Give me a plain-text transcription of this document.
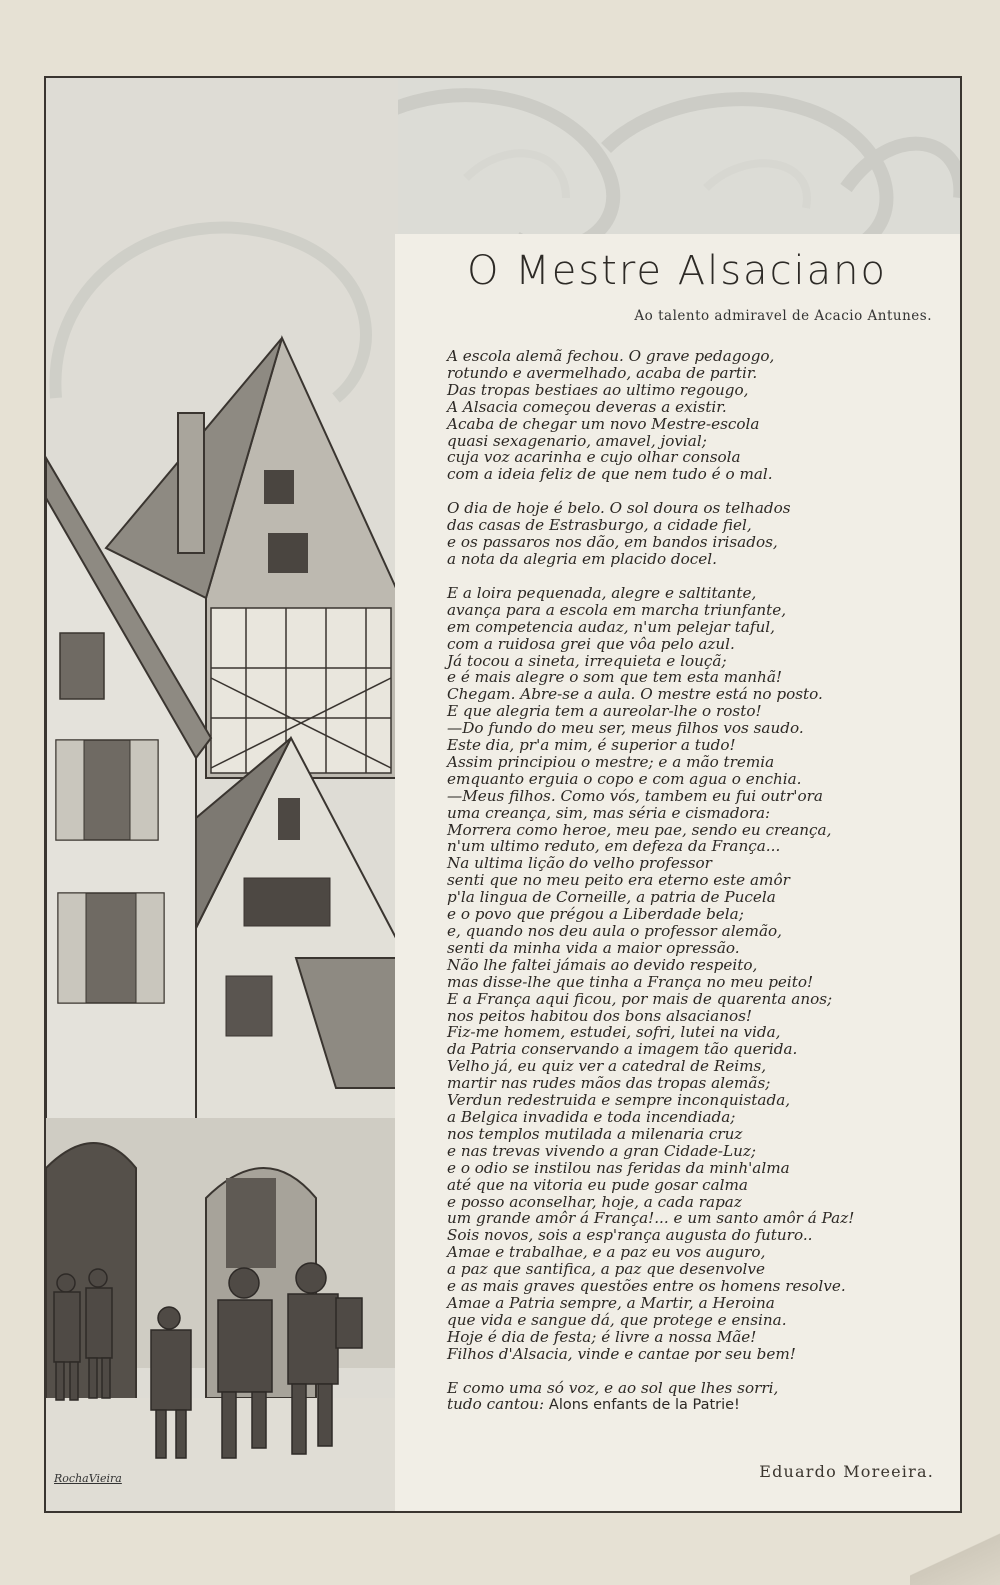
RochaVieira
O Mestre Alsaciano
Ao talento admiravel de Acacio Antunes.
A escola alemã fechou. O grave pedagogo,
rotundo e avermelhado, acaba de partir.
Das tropas bestiaes ao ultimo regougo,
A Alsacia começou deveras a existir.
Acaba de chegar um novo Mestre-escola
quasi sexagenario, amavel, jovial;
cuja voz acarinha e cujo olhar consola
com a ideia feliz de que nem tudo é o mal.
O dia de hoje é belo. O sol doura os telhados
das casas de Estrasburgo, a cidade fiel,
e os passaros nos dão, em bandos irisados,
a nota da alegria em placido docel.
E a loira pequenada, alegre e saltitante,
avança para a escola em marcha triunfante,
em competencia audaz, n'um pelejar taful,
com a ruidosa grei que vôa pelo azul.
Já tocou a sineta, irrequieta e louçã;
e é mais alegre o som que tem esta manhã!
Chegam. Abre-se a aula. O mestre está no posto.
E que alegria tem a aureolar-lhe o rosto!
—Do fundo do meu ser, meus filhos vos saudo.
Este dia, pr'a mim, é superior a tudo!
Assim principiou o mestre; e a mão tremia
emquanto erguia o copo e com agua o enchia.
—Meus filhos. Como vós, tambem eu fui outr'ora
uma creança, sim, mas séria e cismadora:
Morrera como heroe, meu pae, sendo eu creança,
n'um ultimo reduto, em defeza da França...
Na ultima lição do velho professor
senti que no meu peito era eterno este amôr
p'la lingua de Corneille, a patria de Pucela
e o povo que prégou a Liberdade bela;
e, quando nos deu aula o professor alemão,
senti da minha vida a maior opressão.
Não lhe faltei jámais ao devido respeito,
mas disse-lhe que tinha a França no meu peito!
E a França aqui ficou, por mais de quarenta anos;
nos peitos habitou dos bons alsacianos!
Fiz-me homem, estudei, sofri, lutei na vida,
da Patria conservando a imagem tão querida.
Velho já, eu quiz ver a catedral de Reims,
martir nas rudes mãos das tropas alemãs;
Verdun redestruida e sempre inconquistada,
a Belgica invadida e toda incendiada;
nos templos mutilada a milenaria cruz
e nas trevas vivendo a gran Cidade-Luz;
e o odio se instilou nas feridas da minh'alma
até que na vitoria eu pude gosar calma
e posso aconselhar, hoje, a cada rapaz
um grande amôr á França!... e um santo amôr á Paz!
Sois novos, sois a esp'rança augusta do futuro..
Amae e trabalhae, e a paz eu vos auguro,
a paz que santifica, a paz que desenvolve
e as mais graves questões entre os homens resolve.
Amae a Patria sempre, a Martir, a Heroina
que vida e sangue dá, que protege e ensina.
Hoje é dia de festa; é livre a nossa Mãe!
Filhos d'Alsacia, vinde e cantae por seu bem!
E como uma só voz, e ao sol que lhes sorri,
tudo cantou: Alons enfants de la Patrie!
Eduardo Moreeira.
